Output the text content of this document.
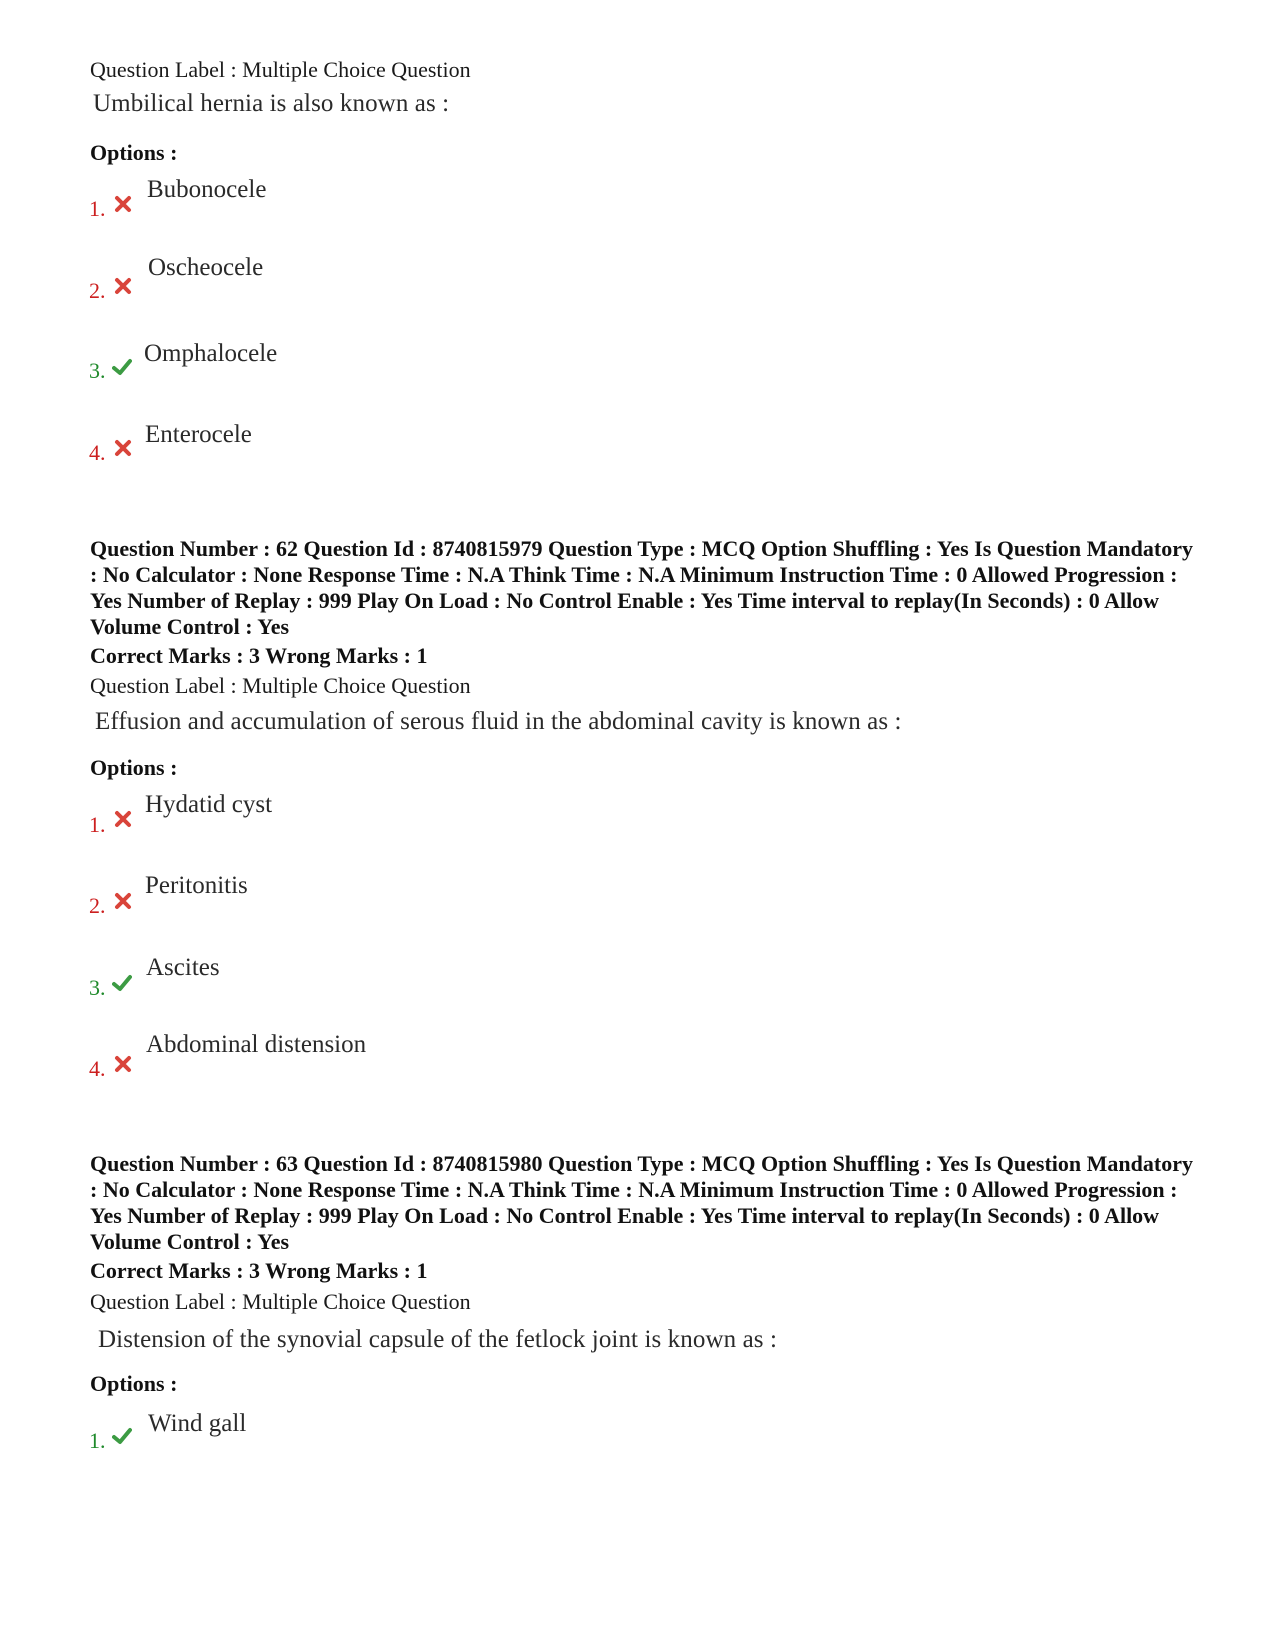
Question Label : Multiple Choice Question
Umbilical hernia is also known as :
Options :
1.
Bubonocele
2.
Oscheocele
3.
Omphalocele
4.
Enterocele
Question Number : 62 Question Id : 8740815979 Question Type : MCQ Option Shuffling : Yes Is Question Mandatory : No Calculator : None Response Time : N.A Think Time : N.A Minimum Instruction Time : 0 Allowed Progression : Yes Number of Replay : 999 Play On Load : No Control Enable : Yes Time interval to replay(In Seconds) : 0 Allow Volume Control : Yes
Correct Marks : 3 Wrong Marks : 1
Question Label : Multiple Choice Question
Effusion and accumulation of serous fluid in the abdominal cavity is known as :
Options :
1.
Hydatid cyst
2.
Peritonitis
3.
Ascites
4.
Abdominal distension
Question Number : 63 Question Id : 8740815980 Question Type : MCQ Option Shuffling : Yes Is Question Mandatory : No Calculator : None Response Time : N.A Think Time : N.A Minimum Instruction Time : 0 Allowed Progression : Yes Number of Replay : 999 Play On Load : No Control Enable : Yes Time interval to replay(In Seconds) : 0 Allow Volume Control : Yes
Correct Marks : 3 Wrong Marks : 1
Question Label : Multiple Choice Question
Distension of the synovial capsule of the fetlock joint is known as :
Options :
1.
Wind gall
